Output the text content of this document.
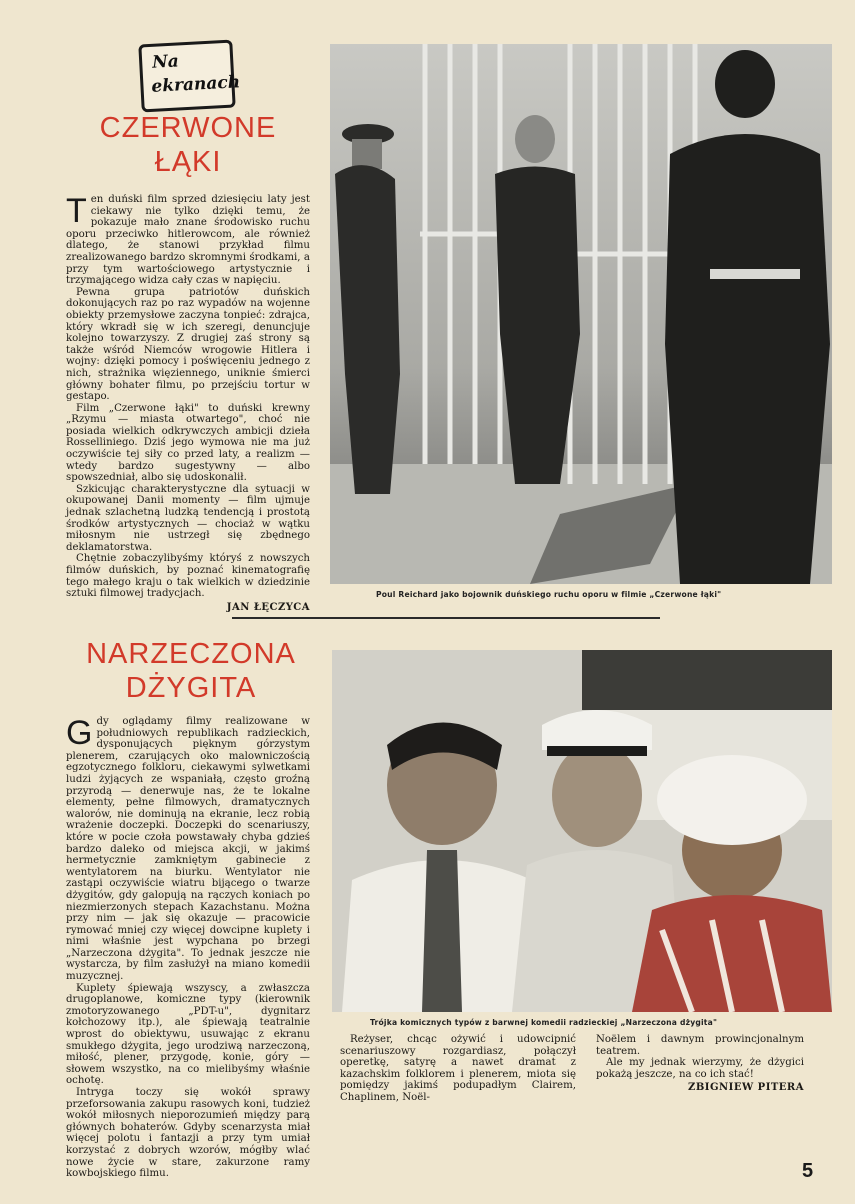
Na
ekranach
CZERWONE
ŁĄKI
T en duński film sprzed dziesięciu laty jest ciekawy nie tylko dzięki temu, że pokazuje mało znane środowisko ruchu oporu przeciwko hitlerowcom, ale również dlatego, że stanowi przykład filmu zrealizowanego bardzo skromnymi środkami, a przy tym wartościowego artystycznie i trzymającego widza cały czas w napięciu.

Pewna grupa patriotów duńskich dokonujących raz po raz wypadów na wojenne obiekty przemysłowe zaczyna tonpieć: zdrajca, który wkradł się w ich szeregi, denuncjuje kolejno towarzyszy. Z drugiej zaś strony są także wśród Niemców wrogowie Hitlera i wojny: dzięki pomocy i poświęceniu jednego z nich, strażnika więziennego, uniknie śmierci główny bohater filmu, po przejściu tortur w gestapo.

Film „Czerwone łąki" to duński krewny „Rzymu — miasta otwartego", choć nie posiada wielkich odkrywczych ambicji dzieła Rosselliniego. Dziś jego wymowa nie ma już oczywiście tej siły co przed laty, a realizm — wtedy bardzo sugestywny — albo spowszedniał, albo się udoskonalił.

Szkicując charakterystyczne dla sytuacji w okupowanej Danii momenty — film ujmuje jednak szlachetną ludzką tendencją i prostotą środków artystycznych — chociaż w wątku miłosnym nie ustrzegł się zbędnego deklamatorstwa.

Chętnie zobaczylibyśmy któryś z nowszych filmów duńskich, by poznać kinematografię tego małego kraju o tak wielkich w dziedzinie sztuki filmowej tradycjach.

JAN ŁĘCZYCA
Poul Reichard jako bojownik duńskiego ruchu oporu w filmie „Czerwone łąki"
NARZECZONA
DŻYGITA
G dy oglądamy filmy realizowane w południowych republikach radzieckich, dysponujących pięknym górzystym plenerem, czarujących oko malowniczością egzotycznego folkloru, ciekawymi sylwetkami ludzi żyjących ze wspaniałą, często groźną przyrodą — denerwuje nas, że te lokalne elementy, pełne filmowych, dramatycznych walorów, nie dominują na ekranie, lecz robią wrażenie doczepki. Doczepki do scenariuszy, które w pocie czoła powstawały chyba gdzieś bardzo daleko od miejsca akcji, w jakimś hermetycznie zamkniętym gabinecie z wentylatorem na biurku. Wentylator nie zastąpi oczywiście wiatru bijącego o twarze dżygitów, gdy galopują na rączych koniach po niezmierzonych stepach Kazachstanu. Można przy nim — jak się okazuje — pracowicie rymować mniej czy więcej dowcipne kuplety i nimi właśnie jest wypchana po brzegi „Narzeczona dżygita". To jednak jeszcze nie wystarcza, by film zasłużył na miano komedii muzycznej.

Kuplety śpiewają wszyscy, a zwłaszcza drugoplanowe, komiczne typy (kierownik zmotoryzowanego „PDT-u", dygnitarz kołchozowy itp.), ale śpiewają teatralnie wprost do obiektywu, usuwając z ekranu smukłego dżygita, jego urodziwą narzeczoną, miłość, plener, przygodę, konie, góry — słowem wszystko, na co mielibyśmy właśnie ochotę.

Intryga toczy się wokół sprawy przeforsowania zakupu rasowych koni, tudzież wokół miłosnych nieporozumień między parą głównych bohaterów. Gdyby scenarzysta miał więcej polotu i fantazji a przy tym umiał korzystać z dobrych wzorów, mógłby wlać nowe życie w stare, zakurzone ramy kowbojskiego filmu.

Trójka komicznych typów z barwnej komedii radzieckiej „Narzeczona dżygita"

Reżyser, chcąc ożywić i udowcipnić scenariuszowy rozgardiasz, połączył operetkę, satyrę a nawet dramat z kazachskim folklorem i plenerem, miota się pomiędzy jakimś podupadłym Clairem, Chaplinem, Noël-

Noëlem i dawnym prowincjonalnym teatrem.

Ale my jednak wierzymy, że dżygici pokażą jeszcze, na co ich stać!

ZBIGNIEW PITERA
5
